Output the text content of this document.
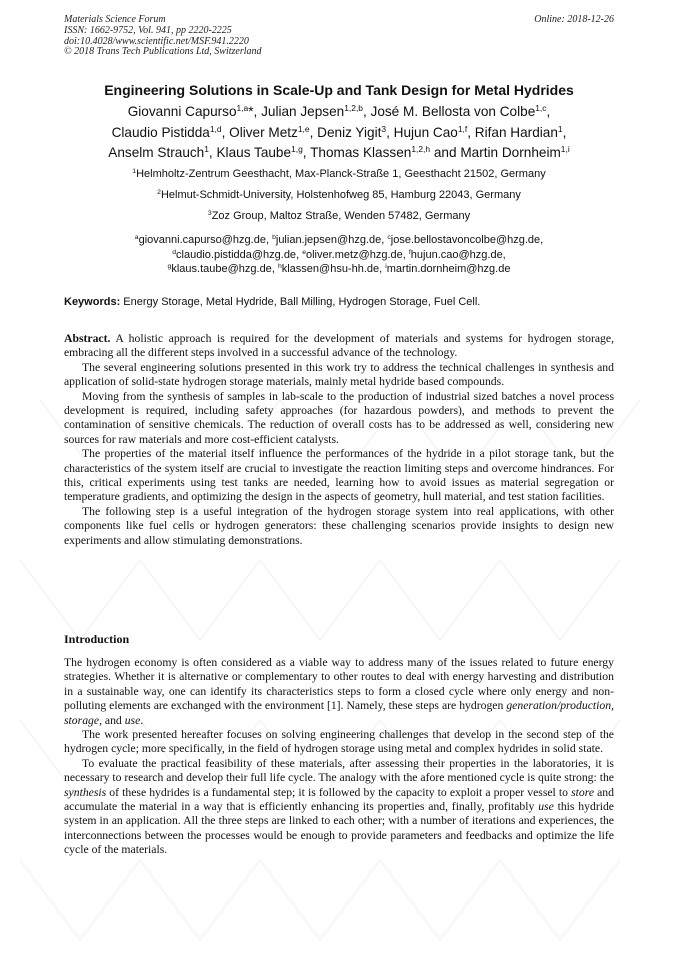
Materials Science Forum
ISSN: 1662-9752, Vol. 941, pp 2220-2225
doi:10.4028/www.scientific.net/MSF.941.2220
© 2018 Trans Tech Publications Ltd, Switzerland
Online: 2018-12-26
Engineering Solutions in Scale-Up and Tank Design for Metal Hydrides
Giovanni Capurso$^{1,a}$*, Julian Jepsen$^{1,2,b}$, José M. Bellosta von Colbe$^{1,c}$,
Claudio Pistidda$^{1,d}$, Oliver Metz$^{1,e}$, Deniz Yigit$^3$, Hujun Cao$^{1,f}$, Rifan Hardian$^1$,
Anselm Strauch$^1$, Klaus Taube$^{1,g}$, Thomas Klassen$^{1,2,h}$ and Martin Dornheim$^{1,i}$
$^1$Helmholtz-Zentrum Geesthacht, Max-Planck-Straße 1, Geesthacht 21502, Germany
$^2$Helmut-Schmidt-University, Holstenhofweg 85, Hamburg 22043, Germany
$^3$Zoz Group, Maltoz Straße, Wenden 57482, Germany
$^a$giovanni.capurso@hzg.de, $^b$julian.jepsen@hzg.de, $^c$jose.bellostavoncolbe@hzg.de,
$^d$claudio.pistidda@hzg.de, $^e$oliver.metz@hzg.de, $^f$hujun.cao@hzg.de,
$^g$klaus.taube@hzg.de, $^h$klassen@hsu-hh.de, $^i$martin.dornheim@hzg.de
Keywords: Energy Storage, Metal Hydride, Ball Milling, Hydrogen Storage, Fuel Cell.

Abstract. A holistic approach is required for the development of materials and systems for hydrogen storage, embracing all the different steps involved in a successful advance of the technology.

The several engineering solutions presented in this work try to address the technical challenges in synthesis and application of solid-state hydrogen storage materials, mainly metal hydride based compounds.

Moving from the synthesis of samples in lab-scale to the production of industrial sized batches a novel process development is required, including safety approaches (for hazardous powders), and methods to prevent the contamination of sensitive chemicals. The reduction of overall costs has to be addressed as well, considering new sources for raw materials and more cost-efficient catalysts.

The properties of the material itself influence the performances of the hydride in a pilot storage tank, but the characteristics of the system itself are crucial to investigate the reaction limiting steps and overcome hindrances. For this, critical experiments using test tanks are needed, learning how to avoid issues as material segregation or temperature gradients, and optimizing the design in the aspects of geometry, hull material, and test station facilities.

The following step is a useful integration of the hydrogen storage system into real applications, with other components like fuel cells or hydrogen generators: these challenging scenarios provide insights to design new experiments and allow stimulating demonstrations.

Introduction

The hydrogen economy is often considered as a viable way to address many of the issues related to future energy strategies. Whether it is alternative or complementary to other routes to deal with energy harvesting and distribution in a sustainable way, one can identify its characteristics steps to form a closed cycle where only energy and non-polluting elements are exchanged with the environment [1]. Namely, these steps are hydrogen generation/production, storage, and use.

The work presented hereafter focuses on solving engineering challenges that develop in the second step of the hydrogen cycle; more specifically, in the field of hydrogen storage using metal and complex hydrides in solid state.

To evaluate the practical feasibility of these materials, after assessing their properties in the laboratories, it is necessary to research and develop their full life cycle. The analogy with the afore mentioned cycle is quite strong: the synthesis of these hydrides is a fundamental step; it is followed by the capacity to exploit a proper vessel to store and accumulate the material in a way that is efficiently enhancing its properties and, finally, profitably use this hydride system in an application. All the three steps are linked to each other; with a number of iterations and experiences, the interconnections between the processes would be enough to provide parameters and feedbacks and optimize the life cycle of the materials.
